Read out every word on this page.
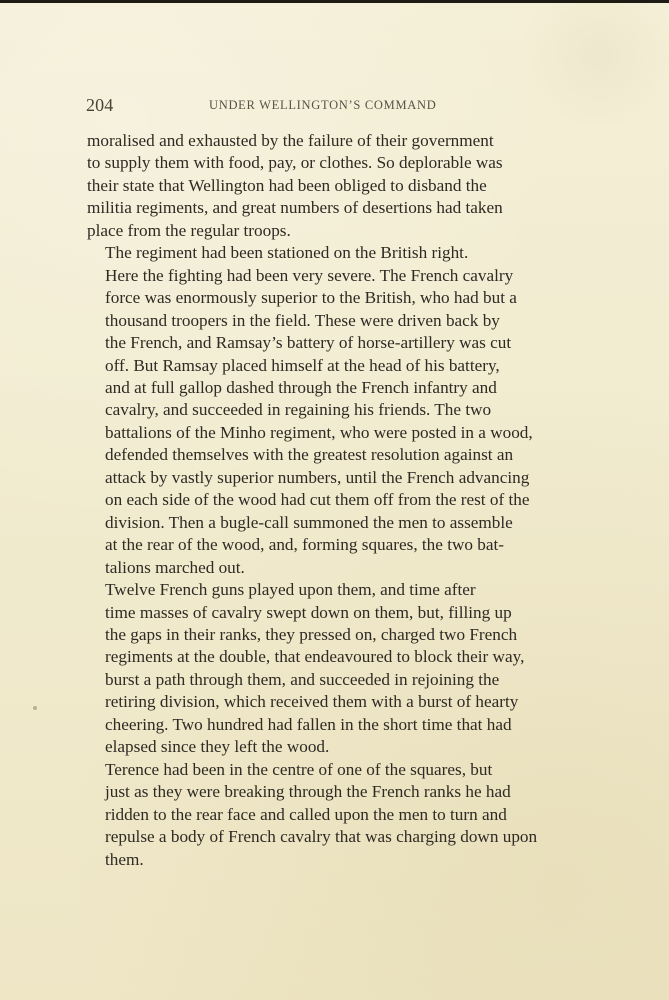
204	UNDER WELLINGTON’S COMMAND

moralised and exhausted by the failure of their government
to supply them with food, pay, or clothes. So deplorable was
their state that Wellington had been obliged to disband the
militia regiments, and great numbers of desertions had taken
place from the regular troops.

The regiment had been stationed on the British right.
Here the fighting had been very severe. The French cavalry
force was enormously superior to the British, who had but a
thousand troopers in the field. These were driven back by
the French, and Ramsay’s battery of horse-artillery was cut
off. But Ramsay placed himself at the head of his battery,
and at full gallop dashed through the French infantry and
cavalry, and succeeded in regaining his friends. The two
battalions of the Minho regiment, who were posted in a wood,
defended themselves with the greatest resolution against an
attack by vastly superior numbers, until the French advancing
on each side of the wood had cut them off from the rest of the
division. Then a bugle-call summoned the men to assemble
at the rear of the wood, and, forming squares, the two bat-
talions marched out.

Twelve French guns played upon them, and time after
time masses of cavalry swept down on them, but, filling up
the gaps in their ranks, they pressed on, charged two French
regiments at the double, that endeavoured to block their way,
burst a path through them, and succeeded in rejoining the
retiring division, which received them with a burst of hearty
cheering. Two hundred had fallen in the short time that had
elapsed since they left the wood.

Terence had been in the centre of one of the squares, but
just as they were breaking through the French ranks he had
ridden to the rear face and called upon the men to turn and
repulse a body of French cavalry that was charging down upon
them.
